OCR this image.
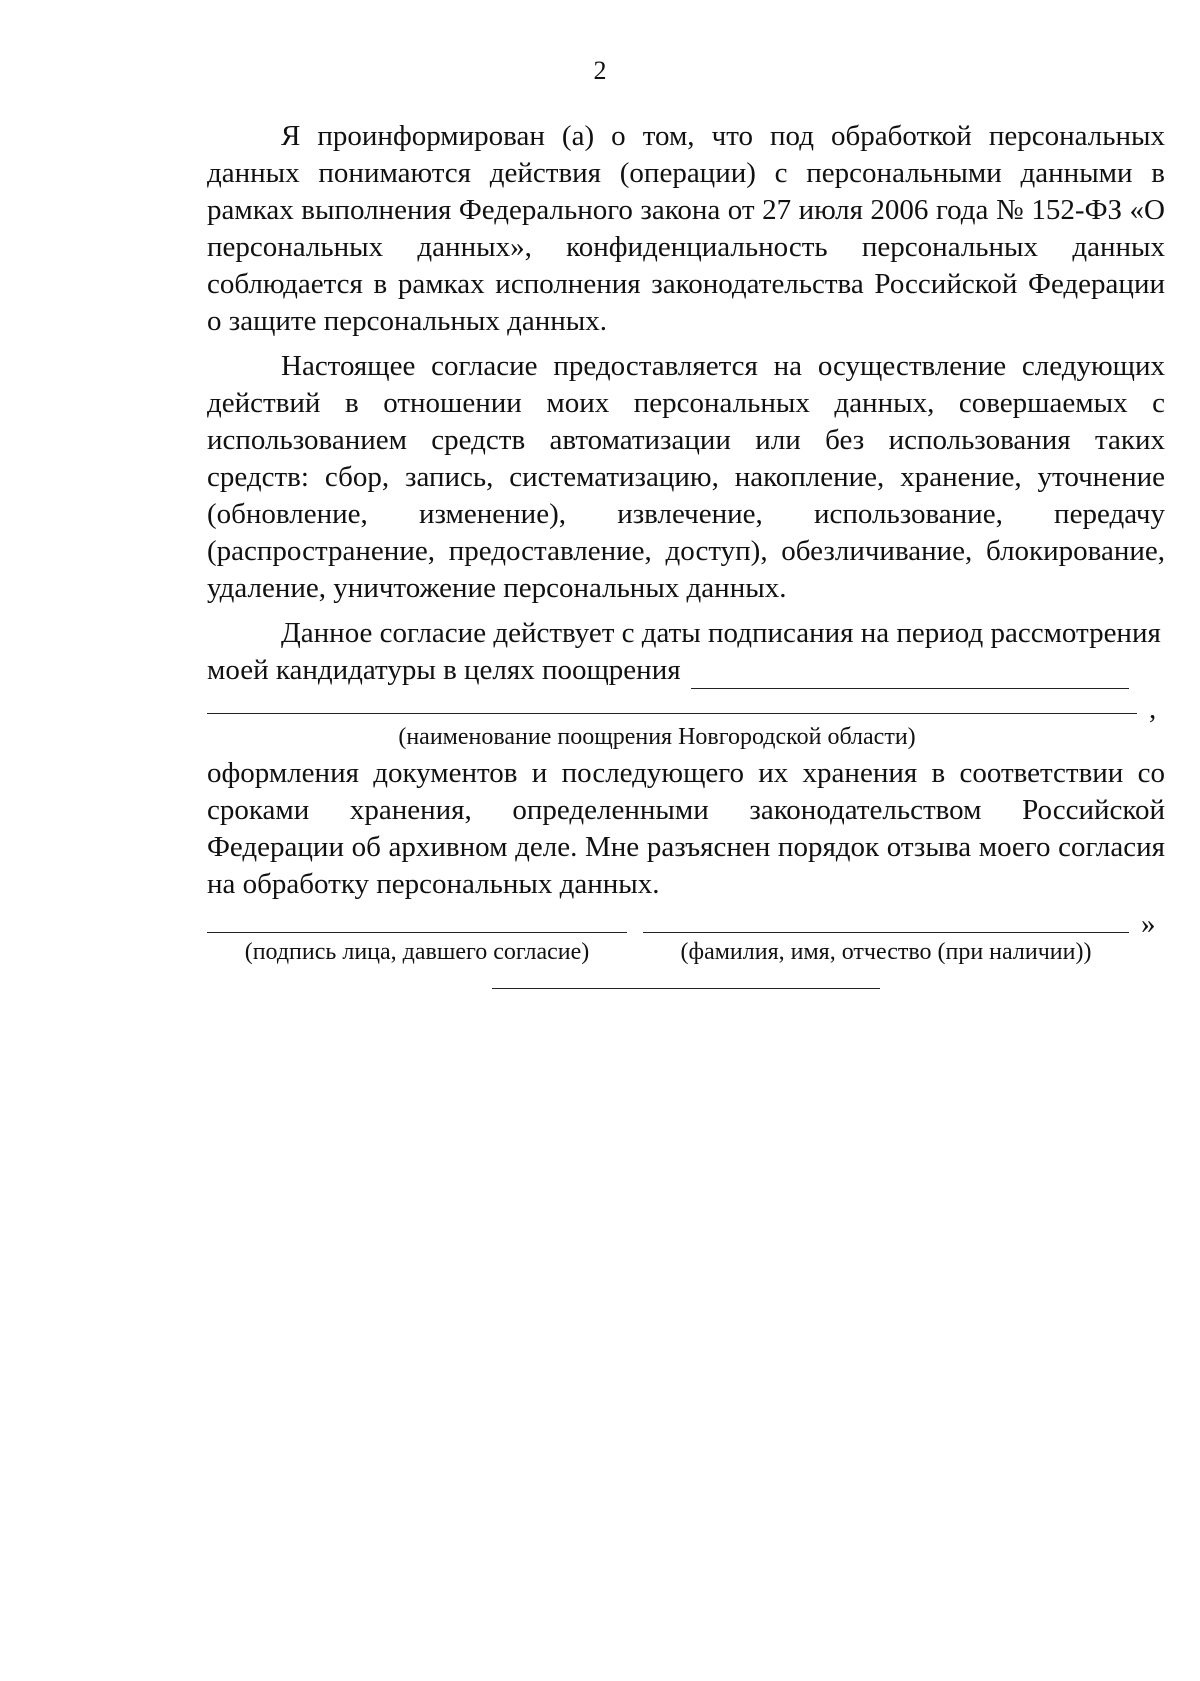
2

Я проинформирован (а) о том, что под обработкой персональных данных понимаются действия (операции) с персональными данными в рамках выполнения Федерального закона от 27 июля 2006 года № 152-ФЗ «О персональных данных», конфиденциальность персональных данных соблюдается в рамках исполнения законодательства Российской Федерации о защите персональных данных.

Настоящее согласие предоставляется на осуществление следующих действий в отношении моих персональных данных, совершаемых с использованием средств автоматизации или без использования таких средств: сбор, запись, систематизацию, накопление, хранение, уточнение (обновление, изменение), извлечение, использование, передачу (распространение, предоставление, доступ), обезличивание, блокирование, удаление, уничтожение персональных данных.

Данное согласие действует с даты подписания на период рассмотрения

моей кандидатуры в целях поощрения
,
(наименование поощрения Новгородской области)

оформления документов и последующего их хранения в соответствии со сроками хранения, определенными законодательством Российской Федерации об архивном деле. Мне разъяснен порядок отзыва моего согласия на обработку персональных данных.

»
(подпись лица, давшего согласие)	(фамилия, имя, отчество (при наличии))
